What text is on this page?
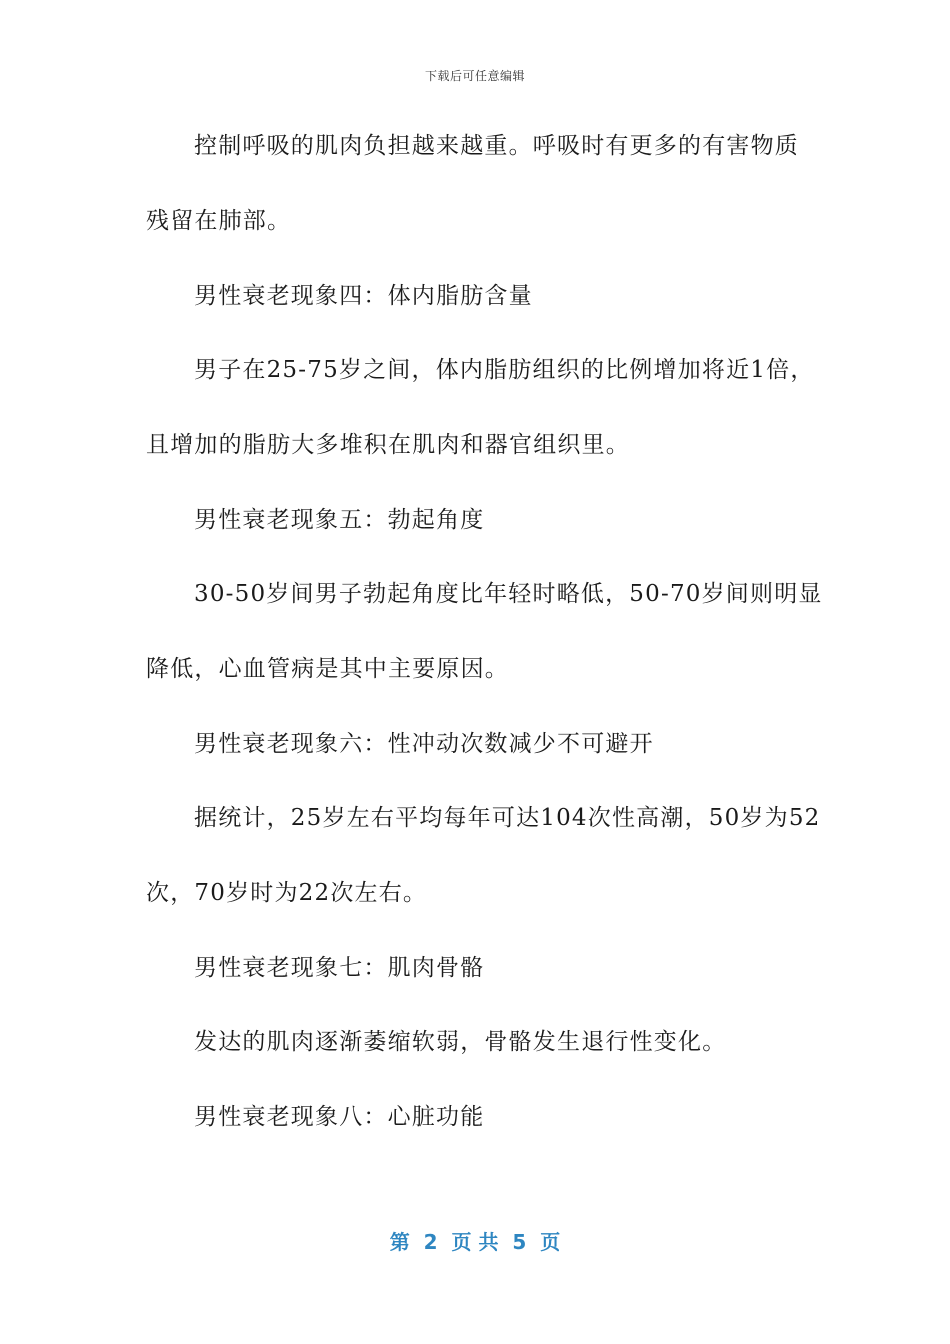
下载后可任意编辑
控制呼吸的肌肉负担越来越重。呼吸时有更多的有害物质
残留在肺部。
男性衰老现象四：体内脂肪含量
男子在25-75岁之间，体内脂肪组织的比例增加将近1倍，
且增加的脂肪大多堆积在肌肉和器官组织里。
男性衰老现象五：勃起角度
30-50岁间男子勃起角度比年轻时略低，50-70岁间则明显
降低，心血管病是其中主要原因。
男性衰老现象六：性冲动次数减少不可避开
据统计，25岁左右平均每年可达104次性高潮，50岁为52
次，70岁时为22次左右。
男性衰老现象七：肌肉骨骼
发达的肌肉逐渐萎缩软弱，骨骼发生退行性变化。
男性衰老现象八：心脏功能
第  2  页 共  5  页
